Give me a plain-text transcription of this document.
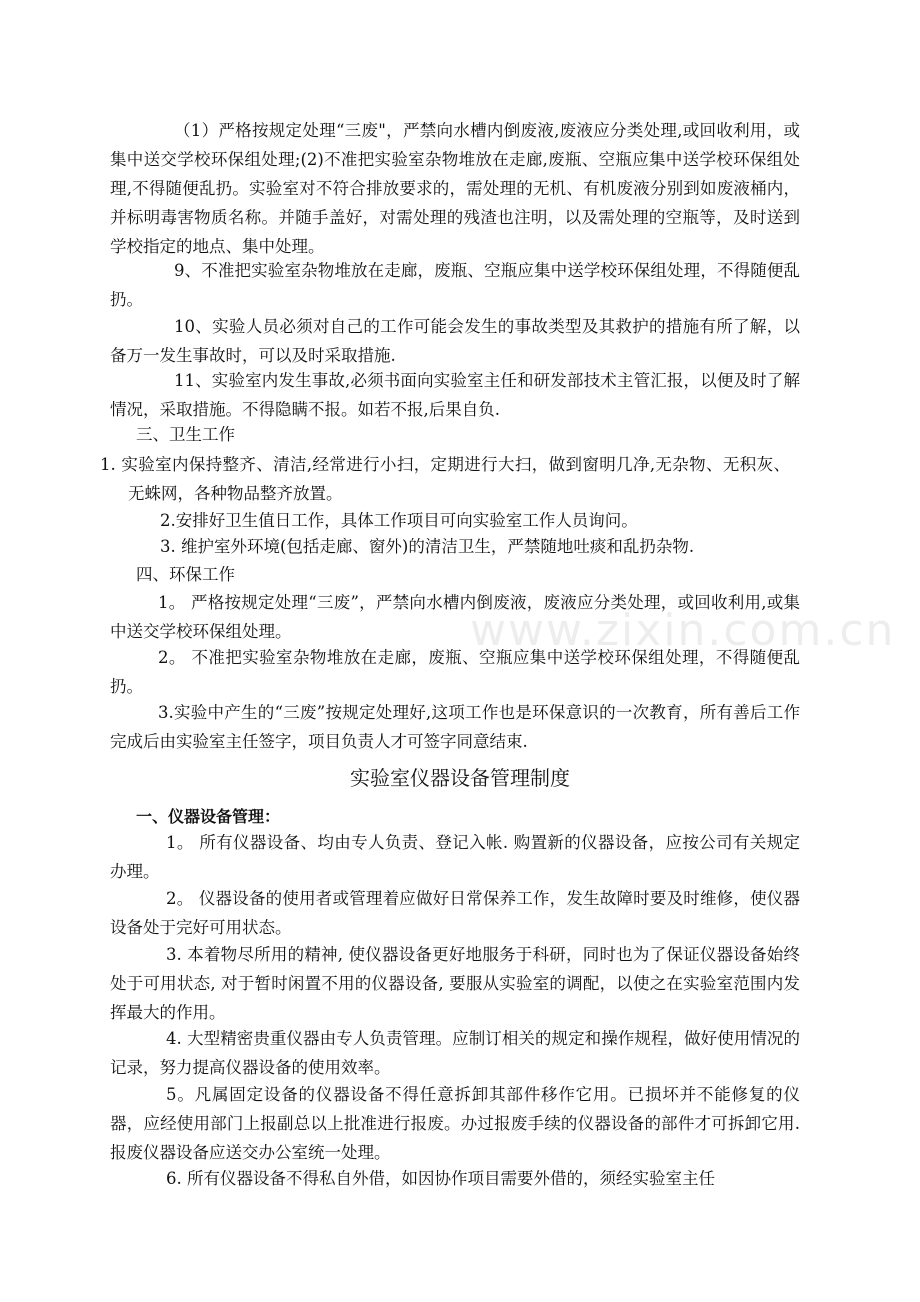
（1）严格按规定处理“三废"，严禁向水槽内倒废液,废液应分类处理,或回收利用，或集中送交学校环保组处理;(2)不准把实验室杂物堆放在走廊,废瓶、空瓶应集中送学校环保组处理,不得随便乱扔。实验室对不符合排放要求的，需处理的无机、有机废液分别到如废液桶内，并标明毒害物质名称。并随手盖好，对需处理的残渣也注明，以及需处理的空瓶等，及时送到学校指定的地点、集中处理。

9、不准把实验室杂物堆放在走廊，废瓶、空瓶应集中送学校环保组处理，不得随便乱扔。

10、实验人员必须对自己的工作可能会发生的事故类型及其救护的措施有所了解，以备万一发生事故时，可以及时采取措施.

11、实验室内发生事故,必须书面向实验室主任和研发部技术主管汇报，以便及时了解情况，采取措施。不得隐瞒不报。如若不报,后果自负.

三、卫生工作

1. 实验室内保持整齐、清洁,经常进行小扫，定期进行大扫，做到窗明几净,无杂物、无积灰、无蛛网，各种物品整齐放置。

2.安排好卫生值日工作，具体工作项目可向实验室工作人员询问。

3. 维护室外环境(包括走廊、窗外)的清洁卫生，严禁随地吐痰和乱扔杂物.

四、环保工作

1。 严格按规定处理“三废”，严禁向水槽内倒废液，废液应分类处理，或回收利用,或集中送交学校环保组处理。

2。 不准把实验室杂物堆放在走廊，废瓶、空瓶应集中送学校环保组处理，不得随便乱扔。

3.实验中产生的“三废”按规定处理好,这项工作也是环保意识的一次教育，所有善后工作完成后由实验室主任签字，项目负责人才可签字同意结束.

实验室仪器设备管理制度

一、仪器设备管理：

1。 所有仪器设备、均由专人负责、登记入帐. 购置新的仪器设备，应按公司有关规定办理。

2。 仪器设备的使用者或管理着应做好日常保养工作，发生故障时要及时维修，使仪器设备处于完好可用状态。

3. 本着物尽所用的精神, 使仪器设备更好地服务于科研，同时也为了保证仪器设备始终处于可用状态, 对于暂时闲置不用的仪器设备, 要服从实验室的调配，以使之在实验室范围内发挥最大的作用。

4. 大型精密贵重仪器由专人负责管理。应制订相关的规定和操作规程，做好使用情况的记录，努力提高仪器设备的使用效率。

5。凡属固定设备的仪器设备不得任意拆卸其部件移作它用。已损坏并不能修复的仪器，应经使用部门上报副总以上批准进行报废。办过报废手续的仪器设备的部件才可拆卸它用. 报废仪器设备应送交办公室统一处理。

6. 所有仪器设备不得私自外借，如因协作项目需要外借的，须经实验室主任

www.zixin.com.cn
